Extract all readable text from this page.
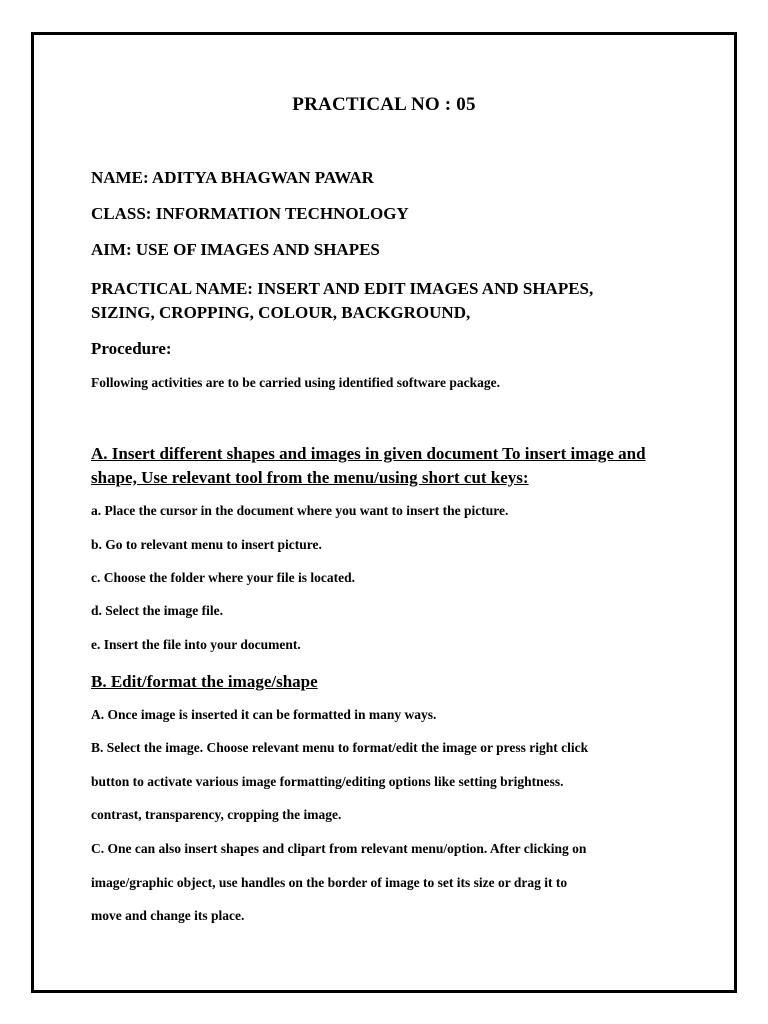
PRACTICAL NO : 05
NAME: ADITYA BHAGWAN PAWAR
CLASS: INFORMATION TECHNOLOGY
AIM: USE OF IMAGES AND SHAPES
PRACTICAL NAME: INSERT AND EDIT IMAGES AND SHAPES,
SIZING, CROPPING, COLOUR, BACKGROUND,
Procedure:
Following activities are to be carried using identified software package.
A. Insert different shapes and images in given document To insert image and
shape, Use relevant tool from the menu/using short cut keys:
a. Place the cursor in the document where you want to insert the picture.
b. Go to relevant menu to insert picture.
c. Choose the folder where your file is located.
d. Select the image file.
e. Insert the file into your document.
B. Edit/format the image/shape
A. Once image is inserted it can be formatted in many ways.
B. Select the image. Choose relevant menu to format/edit the image or press right click
button to activate various image formatting/editing options like setting brightness.
contrast, transparency, cropping the image.
C. One can also insert shapes and clipart from relevant menu/option. After clicking on
image/graphic object, use handles on the border of image to set its size or drag it to
move and change its place.
